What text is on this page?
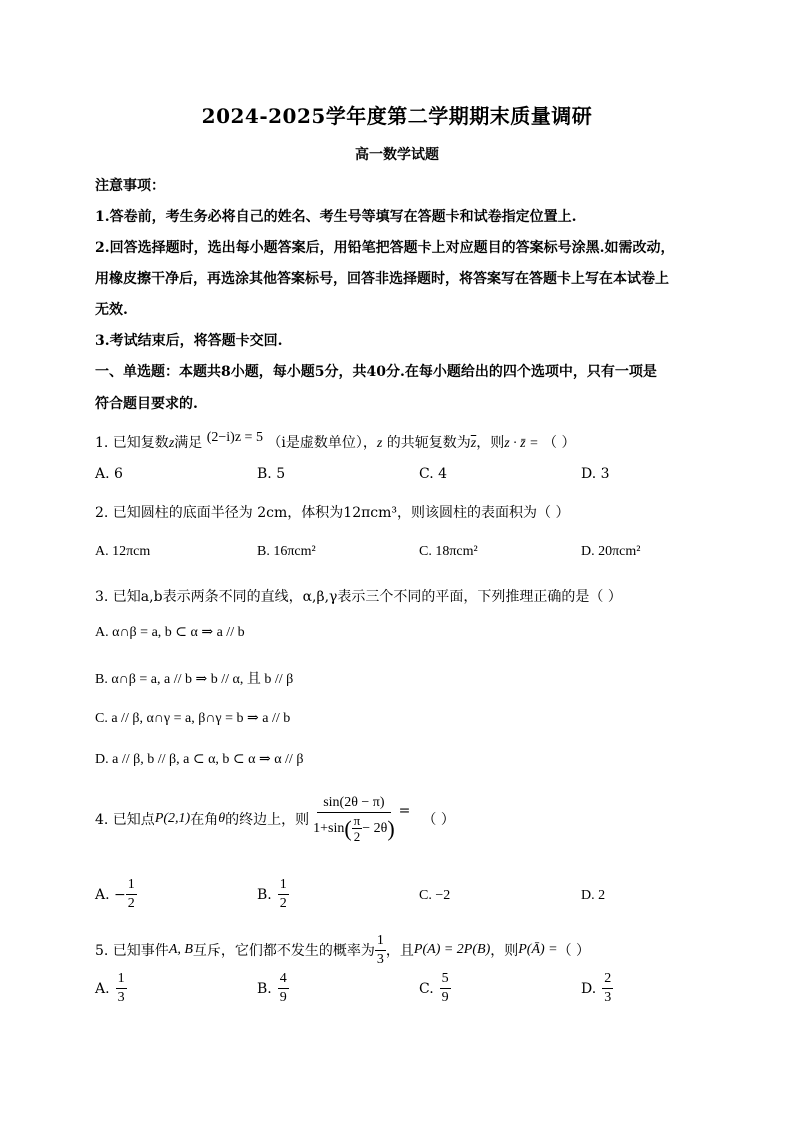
2024-2025学年度第二学期期末质量调研
高一数学试题
注意事项：
1.答卷前，考生务必将自己的姓名、考生号等填写在答题卡和试卷指定位置上.
2.回答选择题时，选出每小题答案后，用铅笔把答题卡上对应题目的答案标号涂黑.如需改动，
用橡皮擦干净后，再选涂其他答案标号，回答非选择题时，将答案写在答题卡上写在本试卷上
无效.
3.考试结束后，将答题卡交回.
一、单选题：本题共8小题，每小题5分，共40分.在每小题给出的四个选项中，只有一项是
符合题目要求的.
1. 已知复数z满足 (2−i)z = 5 （i是虚数单位），z 的共轭复数为$\overline{z}$，则z · z̄ = （ ）
A. 6	B. 5	C. 4	D. 3
2. 已知圆柱的底面半径为 2cm，体积为12πcm³，则该圆柱的表面积为（ ）
A. 12πcm	B. 16πcm²	C. 18πcm²	D. 20πcm²
3. 已知a,b表示两条不同的直线，α,β,γ表示三个不同的平面，下列推理正确的是（ ）
A. α∩β = a, b ⊂ α ⇒ a // b
B. α∩β = a, a // b ⇒ b // α, 且 b // β
C. a // β, α∩γ = a, β∩γ = b ⇒ a // b
D. a // β, b // β, a ⊂ α, b ⊂ α ⇒ α // β
4. 已知点 P(2,1) 在角 θ 的终边上，则
sin(2θ − π)
1+sin ( $\frac{\pi}{2} - 2\theta$ )
=
（ ）
A. − $\frac{1}{2}$	B. $\frac{1}{2}$	C. −2	D. 2
5. 已知事件 A, B 互斥，它们都不发生的概率为 $\frac{1}{3}$ ，且 P(A) = 2P(B) ，则 P(Ā) = （ ）
A. $\frac{1}{3}$	B. $\frac{4}{9}$	C. $\frac{5}{9}$	D. $\frac{2}{3}$
